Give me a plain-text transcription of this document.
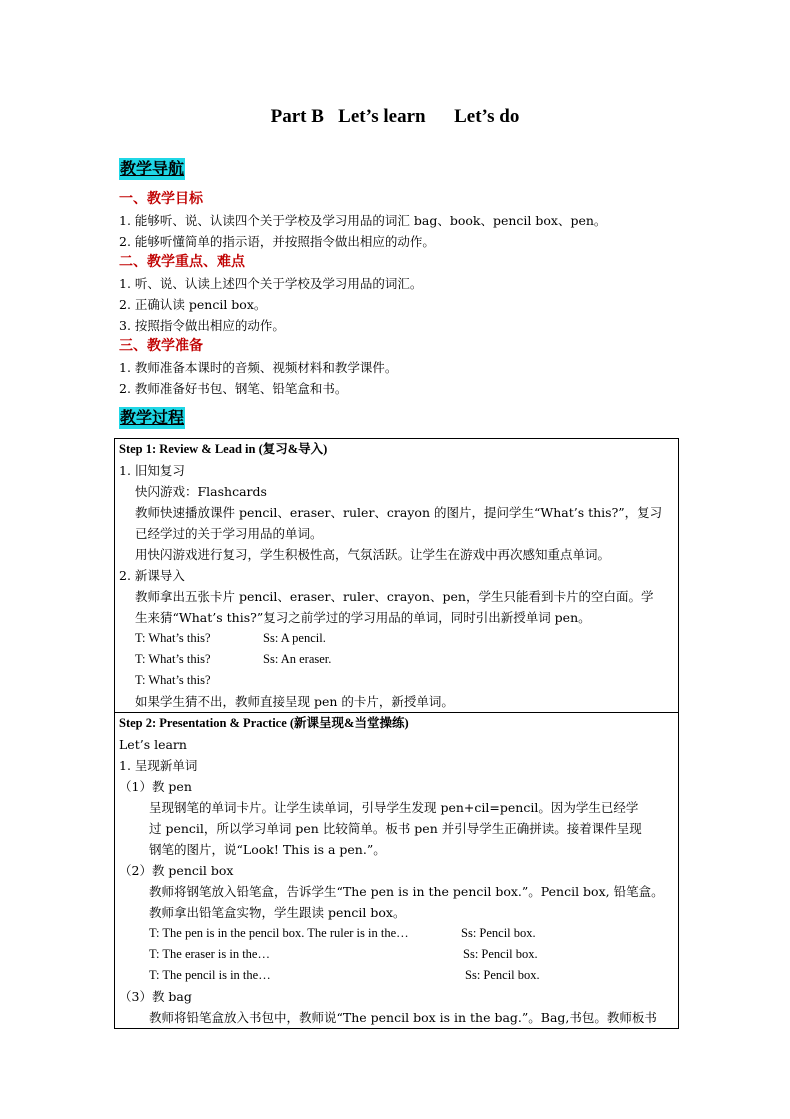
Part B   Let’s learn      Let’s do
教学导航
一、教学目标
1. 能够听、说、认读四个关于学校及学习用品的词汇 bag、book、pencil box、pen。
2. 能够听懂简单的指示语，并按照指令做出相应的动作。
二、教学重点、难点
1. 听、说、认读上述四个关于学校及学习用品的词汇。
2. 正确认读 pencil box。
3. 按照指令做出相应的动作。
三、教学准备
1. 教师准备本课时的音频、视频材料和教学课件。
2. 教师准备好书包、钢笔、铅笔盒和书。
教学过程
Step 1: Review & Lead in (复习&导入)
1. 旧知复习
快闪游戏：Flashcards
教师快速播放课件 pencil、eraser、ruler、crayon 的图片，提问学生“What’s this?”，复习
已经学过的关于学习用品的单词。
用快闪游戏进行复习，学生积极性高，气氛活跃。让学生在游戏中再次感知重点单词。
2. 新课导入
教师拿出五张卡片 pencil、eraser、ruler、crayon、pen，学生只能看到卡片的空白面。学
生来猜“What’s this?”复习之前学过的学习用品的单词，同时引出新授单词 pen。
T: What’s this?	Ss: A pencil.
T: What’s this?	Ss: An eraser.
T: What’s this?
如果学生猜不出，教师直接呈现 pen 的卡片，新授单词。

Step 2: Presentation & Practice (新课呈现&当堂操练)
Let’s learn
1. 呈现新单词
（1）教 pen
呈现钢笔的单词卡片。让学生读单词，引导学生发现 pen+cil=pencil。因为学生已经学
过 pencil，所以学习单词 pen 比较简单。板书 pen 并引导学生正确拼读。接着课件呈现
钢笔的图片，说“Look! This is a pen.”。
（2）教 pencil box
教师将钢笔放入铅笔盒，告诉学生“The pen is in the pencil box.”。Pencil box, 铅笔盒。
教师拿出铅笔盒实物，学生跟读 pencil box。
T: The pen is in the pencil box. The ruler is in the…	Ss: Pencil box.
T: The eraser is in the…	Ss: Pencil box.
T: The pencil is in the…	Ss: Pencil box.
（3）教 bag
教师将铅笔盒放入书包中，教师说“The pencil box is in the bag.”。Bag,书包。教师板书
